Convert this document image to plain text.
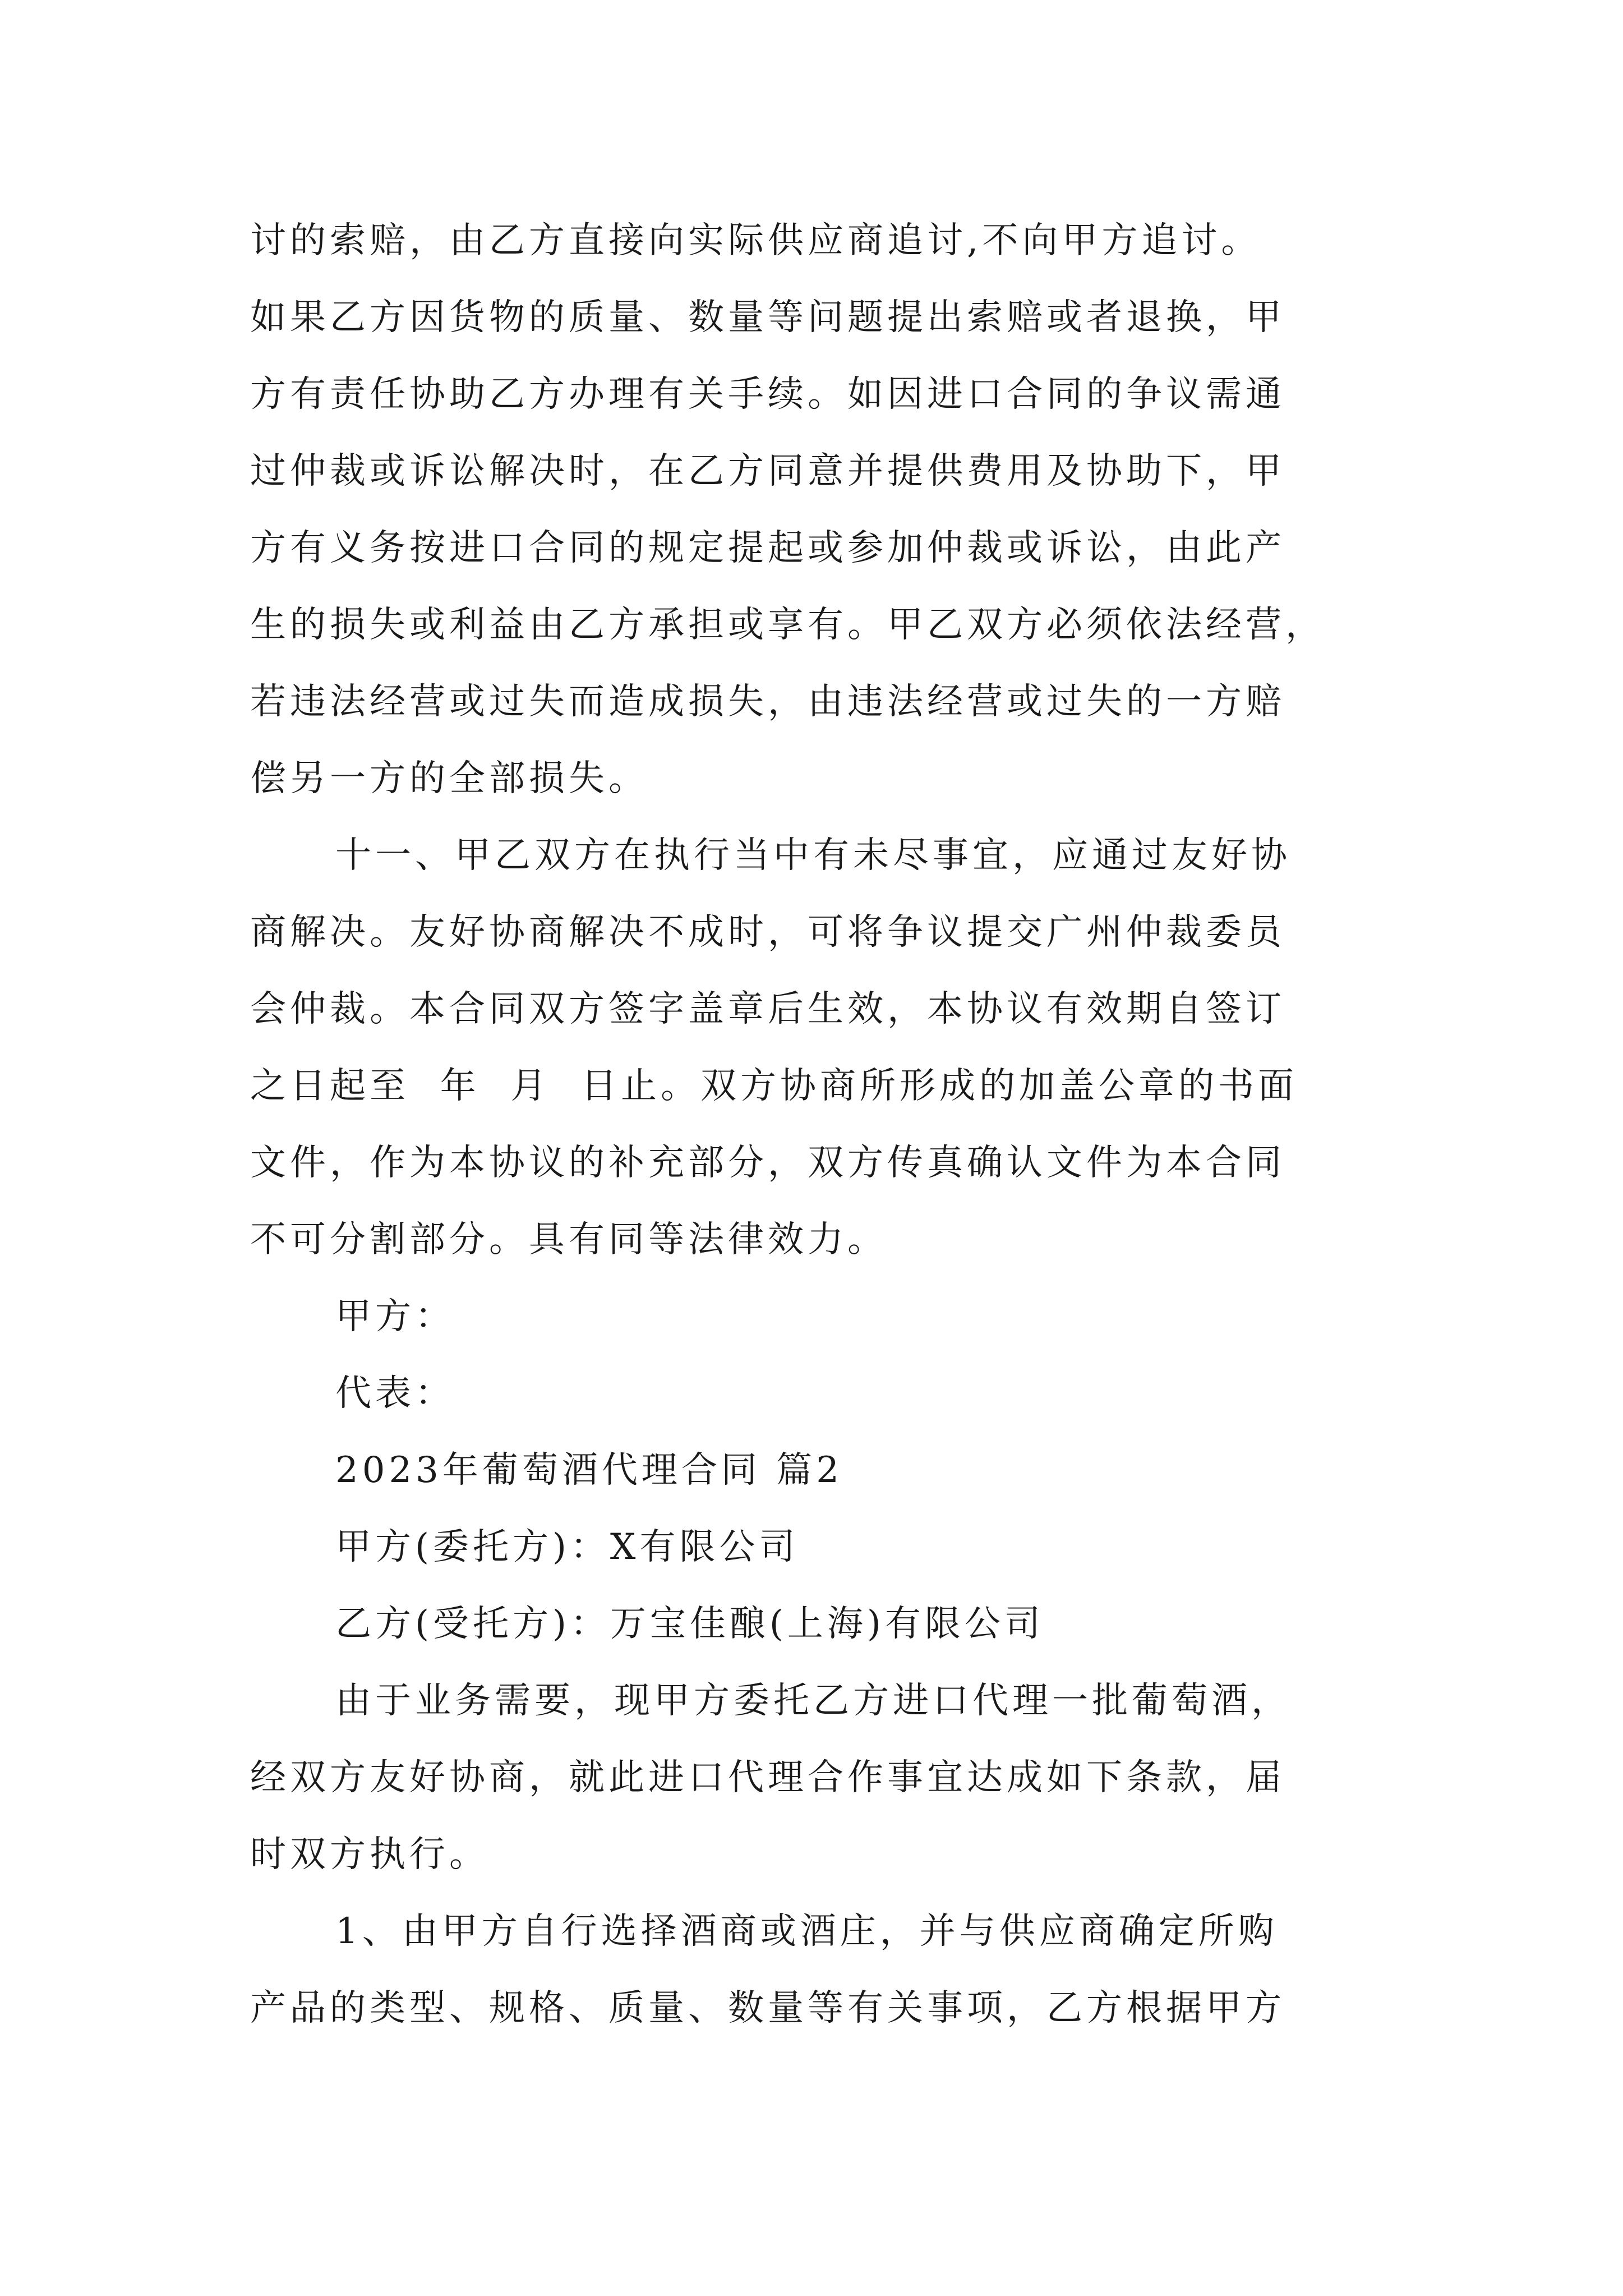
讨的索赔，由乙方直接向实际供应商追讨,不向甲方追讨。
如果乙方因货物的质量、数量等问题提出索赔或者退换，甲
方有责任协助乙方办理有关手续。如因进口合同的争议需通
过仲裁或诉讼解决时，在乙方同意并提供费用及协助下，甲
方有义务按进口合同的规定提起或参加仲裁或诉讼，由此产
生的损失或利益由乙方承担或享有。甲乙双方必须依法经营，
若违法经营或过失而造成损失，由违法经营或过失的一方赔
偿另一方的全部损失。
十一、甲乙双方在执行当中有未尽事宜，应通过友好协
商解决。友好协商解决不成时，可将争议提交广州仲裁委员
会仲裁。本合同双方签字盖章后生效，本协议有效期自签订
之日起至  年  月  日止。双方协商所形成的加盖公章的书面
文件，作为本协议的补充部分，双方传真确认文件为本合同
不可分割部分。具有同等法律效力。
甲方：
代表：
2023年葡萄酒代理合同 篇2
甲方(委托方)：X有限公司
乙方(受托方)：万宝佳酿(上海)有限公司
由于业务需要，现甲方委托乙方进口代理一批葡萄酒，
经双方友好协商，就此进口代理合作事宜达成如下条款，届
时双方执行。
1、由甲方自行选择酒商或酒庄，并与供应商确定所购
产品的类型、规格、质量、数量等有关事项，乙方根据甲方
